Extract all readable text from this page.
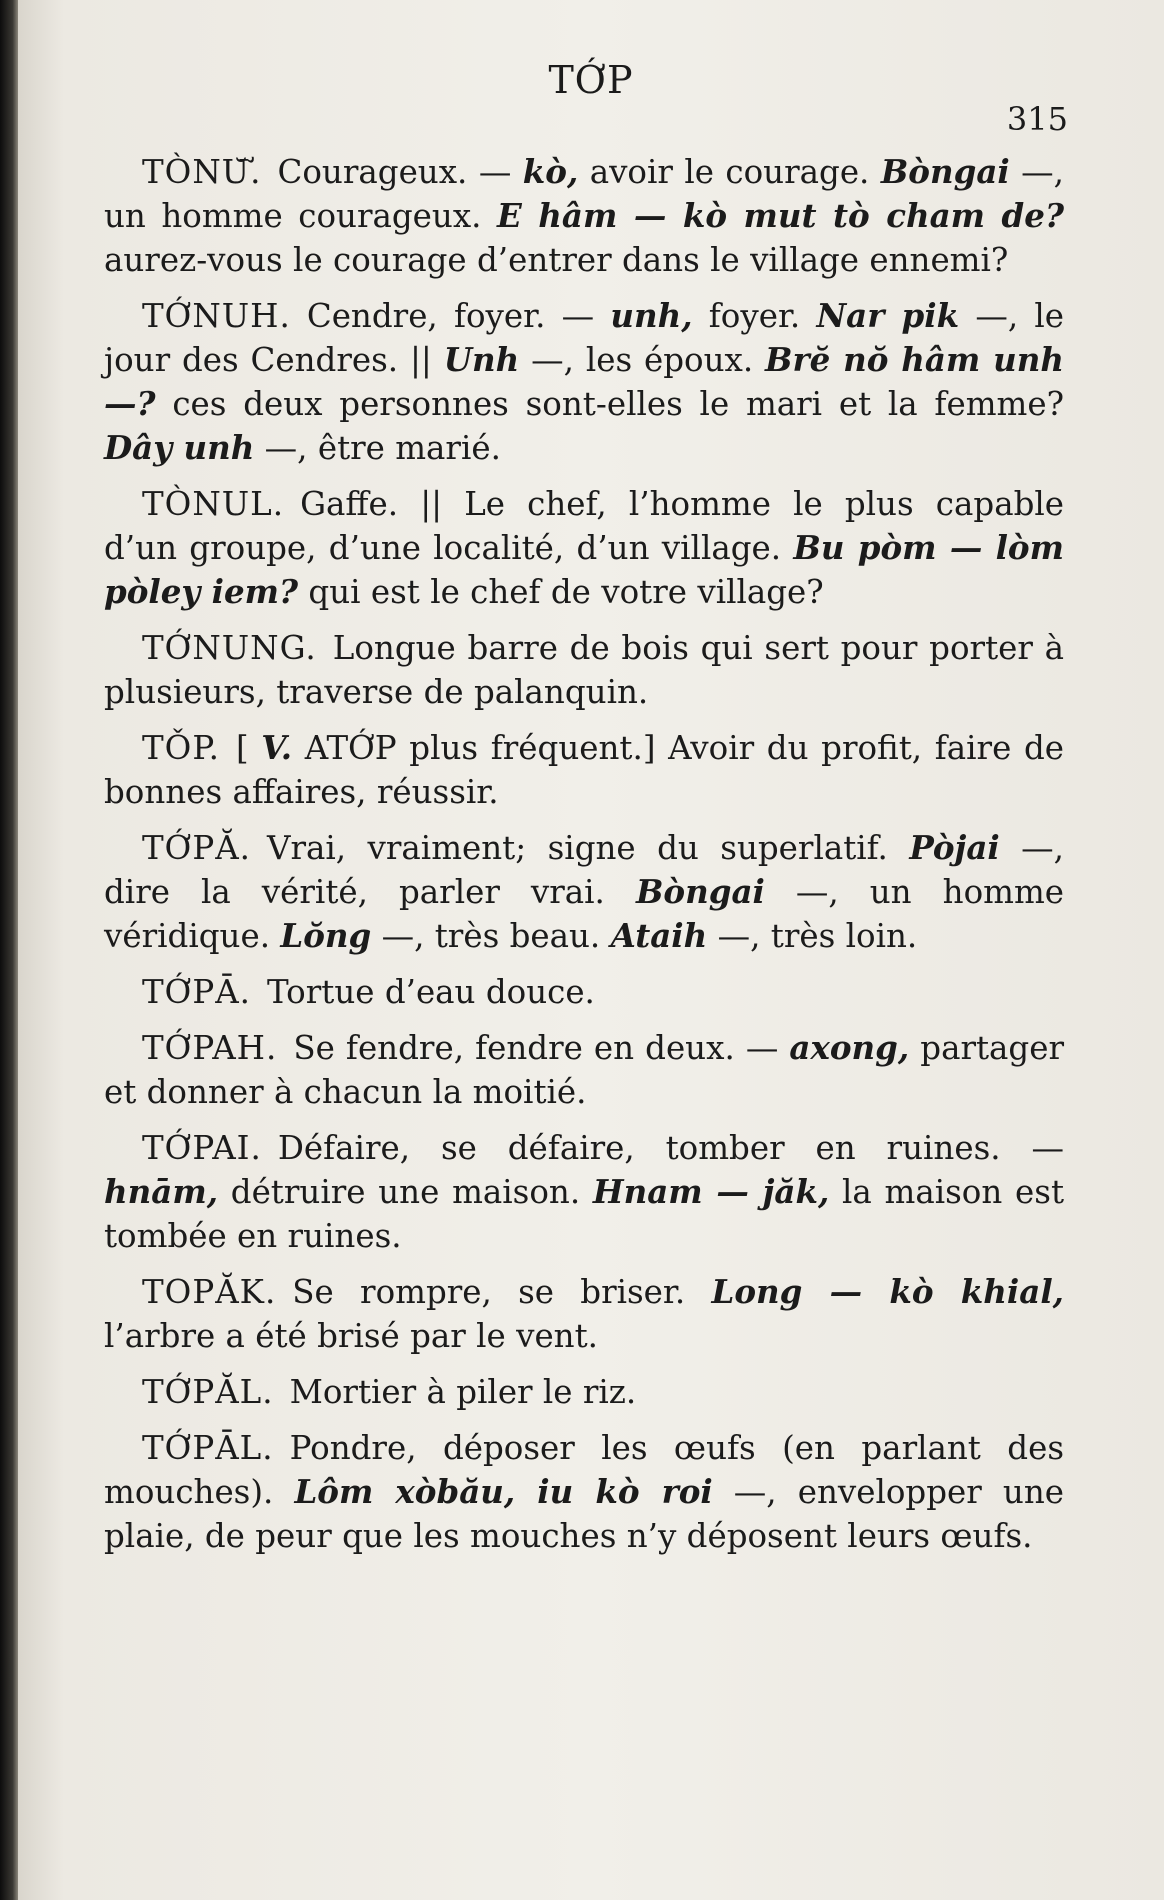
TỚP
315

TÒNƯ̆. Courageux. — kò, avoir le courage. Bòngai —, un homme courageux. E hâm — kò mut tò cham de? aurez-vous le courage d’entrer dans le village ennemi?

TỚNUH. Cendre, foyer. — unh, foyer. Nar pik —, le jour des Cendres. || Unh —, les époux. Brĕ nŏ hâm unh —? ces deux personnes sont-elles le mari et la femme? Dây unh —, être marié.

TÒNUL. Gaffe. || Le chef, l’homme le plus capable d’un groupe, d’une localité, d’un village. Bu pòm — lòm pòley iem? qui est le chef de votre village?

TỚNUNG. Longue barre de bois qui sert pour porter à plusieurs, traverse de palanquin.

TǑP. [ V. ATỚP plus fréquent.] Avoir du profit, faire de bonnes affaires, réussir.

TỚPĂ. Vrai, vraiment; signe du superlatif. Pòjai —, dire la vérité, parler vrai. Bòngai —, un homme véridique. Lŏng —, très beau. Ataih —, très loin.

TỚPĀ. Tortue d’eau douce.

TỚPAH. Se fendre, fendre en deux. — axong, partager et donner à chacun la moitié.

TỚPAI. Défaire, se défaire, tomber en ruines. — hnām, détruire une maison. Hnam — jăk, la maison est tombée en ruines.

TOPĂK. Se rompre, se briser. Long — kò khial, l’arbre a été brisé par le vent.

TỚPĂL. Mortier à piler le riz.

TỚPĀL. Pondre, déposer les œufs (en parlant des mouches). Lôm xòbău, iu kò roi —, envelopper une plaie, de peur que les mouches n’y déposent leurs œufs.
